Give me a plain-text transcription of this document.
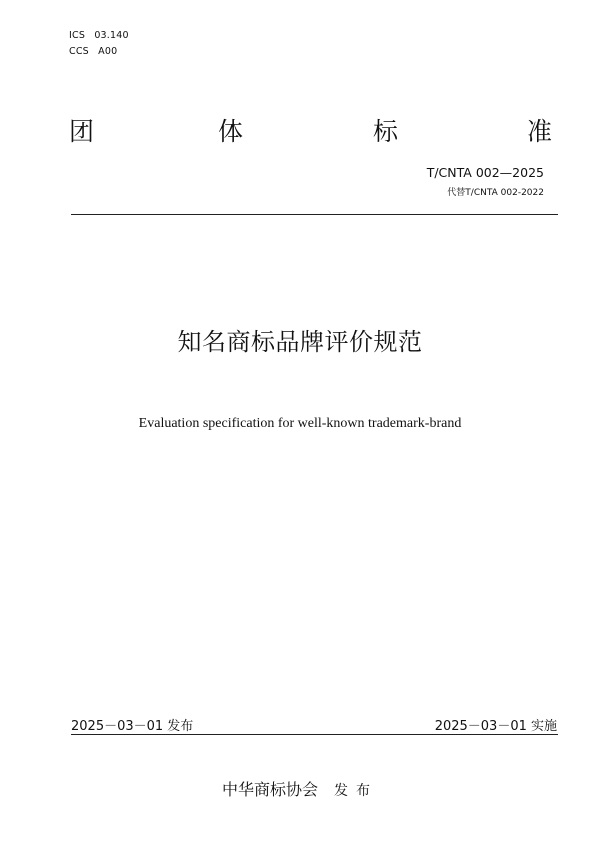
ICS 03.140
CCS A00
团	体	标	准
T/CNTA 002—2025
代替T/CNTA 002-2022
知名商标品牌评价规范
Evaluation specification for well-known trademark-brand
2025－03－01 发布	2025－03－01 实施
中华商标协会 发布
